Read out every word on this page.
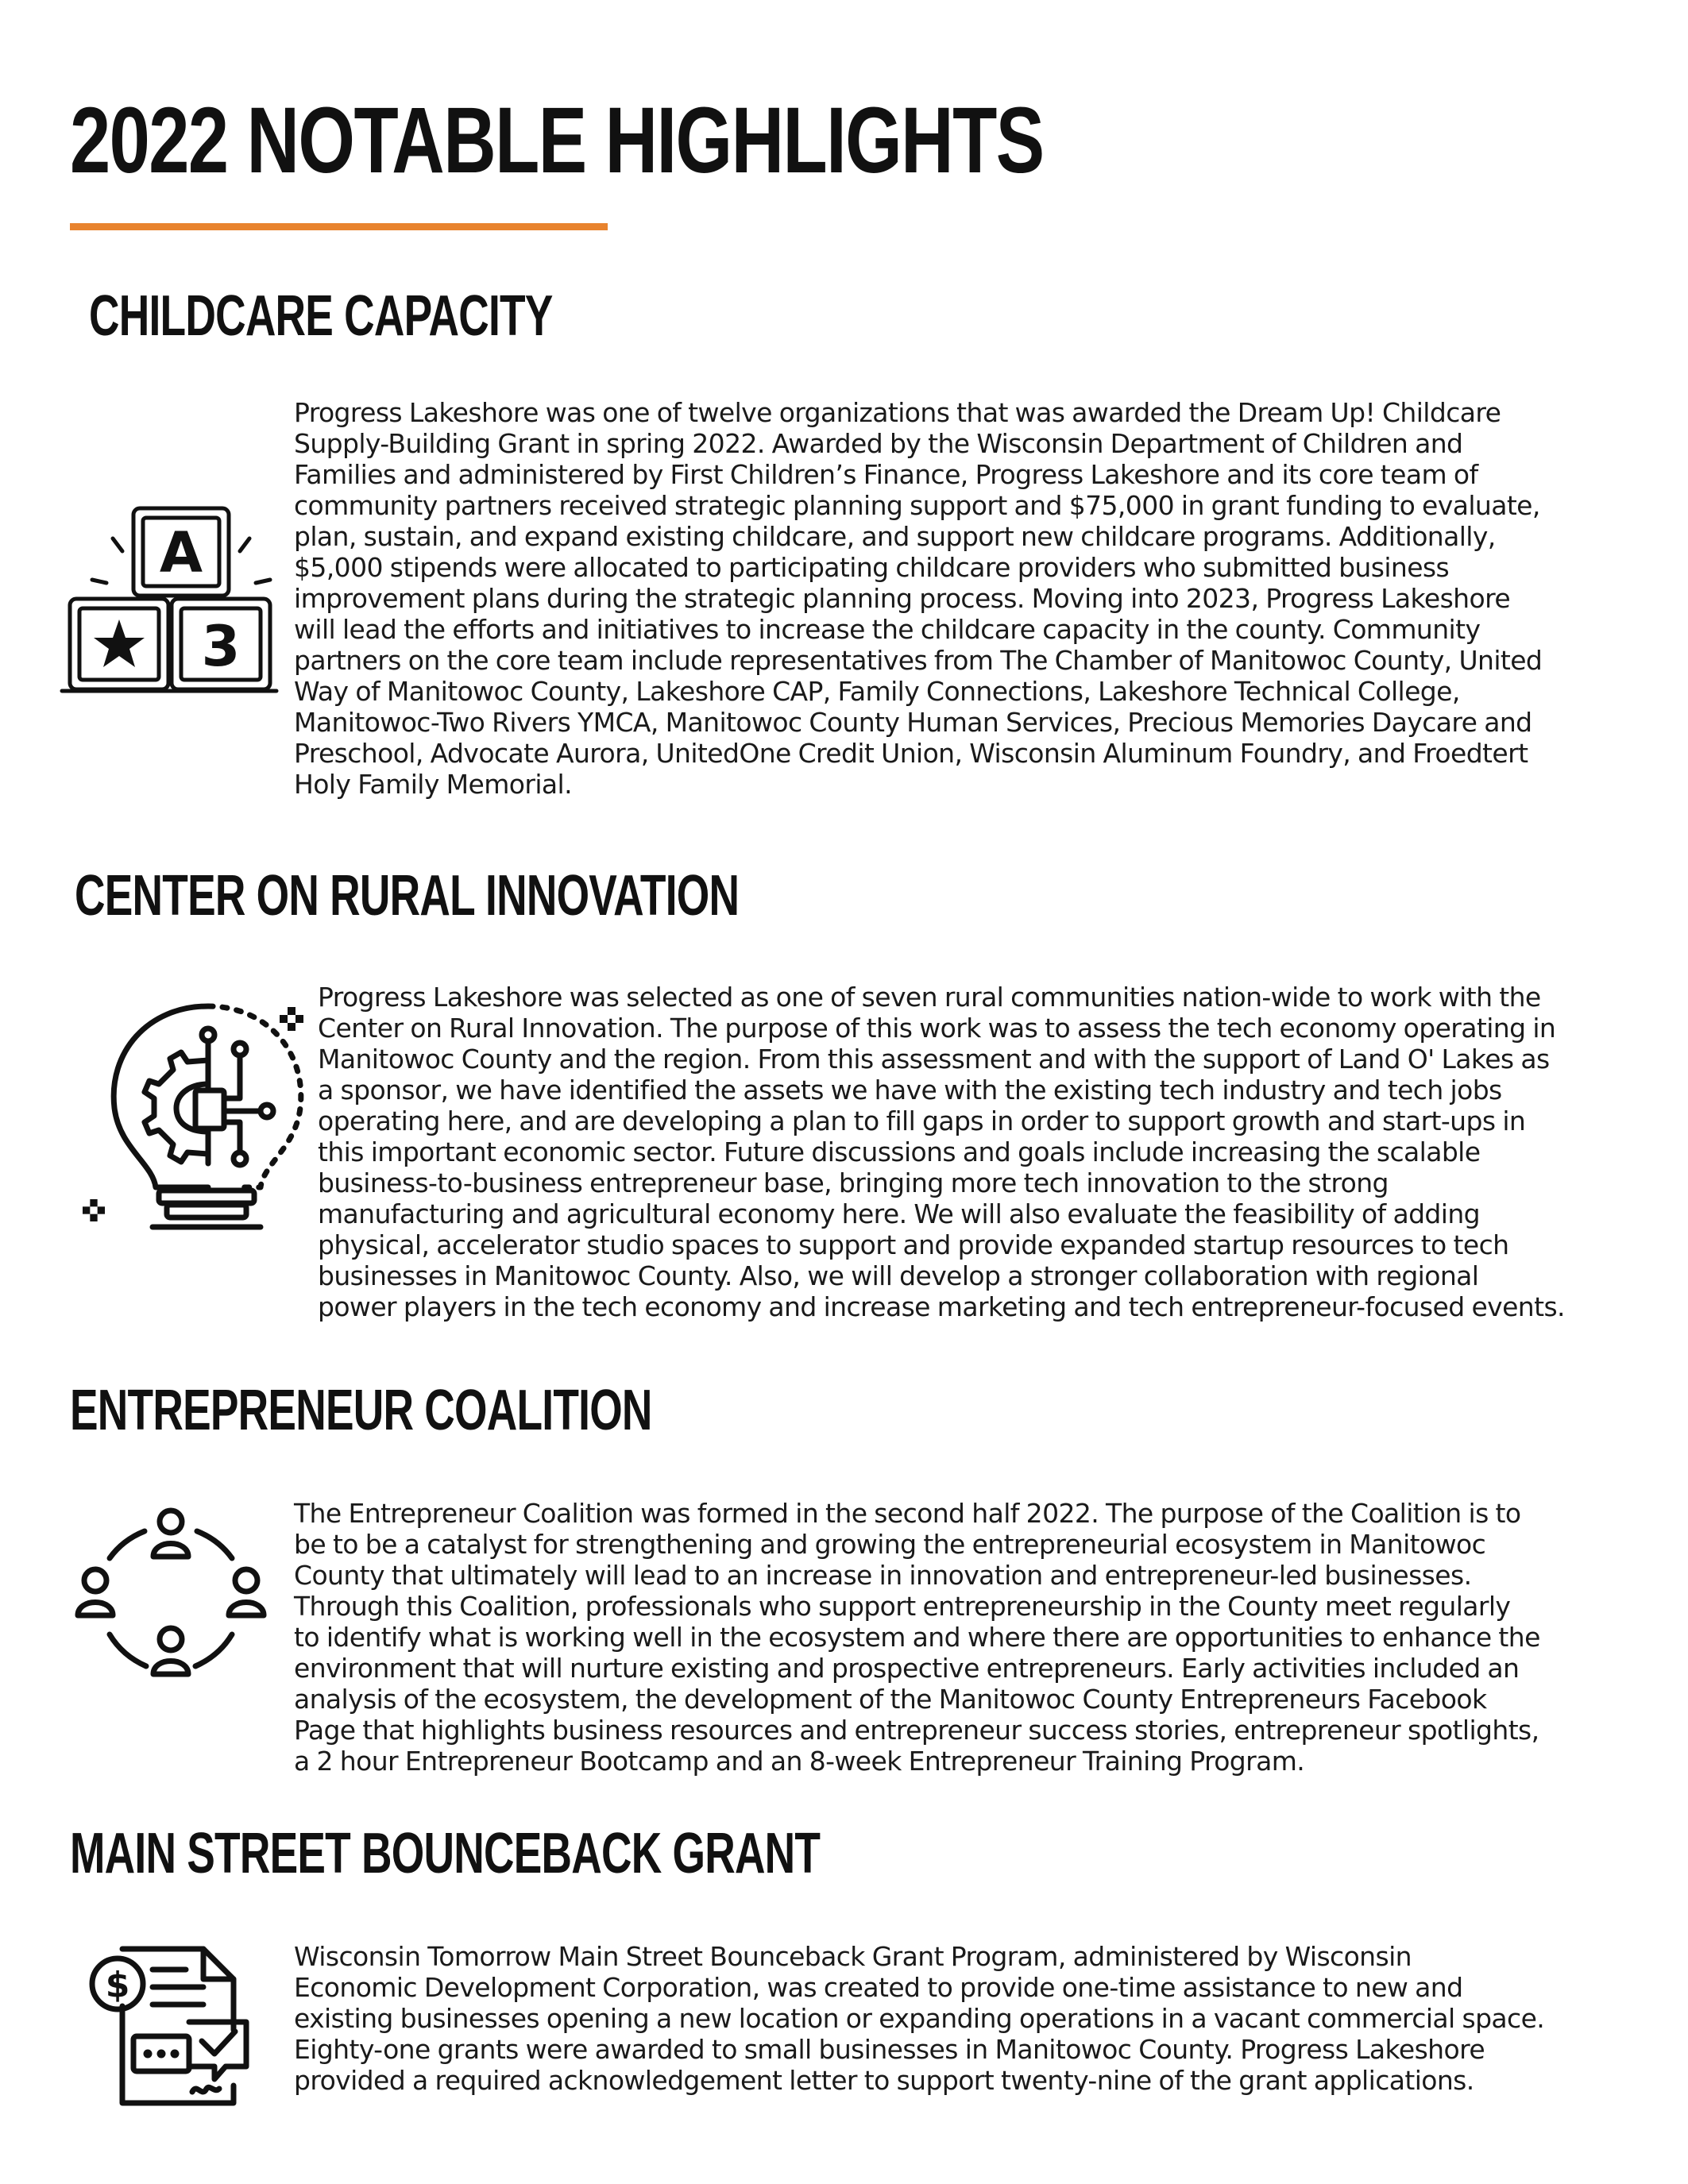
2022 NOTABLE HIGHLIGHTS
CHILDCARE CAPACITY
A
3

Progress Lakeshore was one of twelve organizations that was awarded the Dream Up! Childcare
Supply-Building Grant in spring 2022. Awarded by the Wisconsin Department of Children and
Families and administered by First Children’s Finance, Progress Lakeshore and its core team of
community partners received strategic planning support and $75,000 in grant funding to evaluate,
plan, sustain, and expand existing childcare, and support new childcare programs. Additionally,
$5,000 stipends were allocated to participating childcare providers who submitted business
improvement plans during the strategic planning process. Moving into 2023, Progress Lakeshore
will lead the efforts and initiatives to increase the childcare capacity in the county. Community
partners on the core team include representatives from The Chamber of Manitowoc County, United
Way of Manitowoc County, Lakeshore CAP, Family Connections, Lakeshore Technical College,
Manitowoc-Two Rivers YMCA, Manitowoc County Human Services, Precious Memories Daycare and
Preschool, Advocate Aurora, UnitedOne Credit Union, Wisconsin Aluminum Foundry, and Froedtert
Holy Family Memorial.

CENTER ON RURAL INNOVATION

Progress Lakeshore was selected as one of seven rural communities nation-wide to work with the
Center on Rural Innovation. The purpose of this work was to assess the tech economy operating in
Manitowoc County and the region. From this assessment and with the support of Land O' Lakes as
a sponsor, we have identified the assets we have with the existing tech industry and tech jobs
operating here, and are developing a plan to fill gaps in order to support growth and start-ups in
this important economic sector. Future discussions and goals include increasing the scalable
business-to-business entrepreneur base, bringing more tech innovation to the strong
manufacturing and agricultural economy here. We will also evaluate the feasibility of adding
physical, accelerator studio spaces to support and provide expanded startup resources to tech
businesses in Manitowoc County. Also, we will develop a stronger collaboration with regional
power players in the tech economy and increase marketing and tech entrepreneur-focused events.

ENTREPRENEUR COALITION

The Entrepreneur Coalition was formed in the second half 2022. The purpose of the Coalition is to
be to be a catalyst for strengthening and growing the entrepreneurial ecosystem in Manitowoc
County that ultimately will lead to an increase in innovation and entrepreneur-led businesses.
Through this Coalition, professionals who support entrepreneurship in the County meet regularly
to identify what is working well in the ecosystem and where there are opportunities to enhance the
environment that will nurture existing and prospective entrepreneurs. Early activities included an
analysis of the ecosystem, the development of the Manitowoc County Entrepreneurs Facebook
Page that highlights business resources and entrepreneur success stories, entrepreneur spotlights,
a 2 hour Entrepreneur Bootcamp and an 8-week Entrepreneur Training Program.

MAIN STREET BOUNCEBACK GRANT
$

Wisconsin Tomorrow Main Street Bounceback Grant Program, administered by Wisconsin
Economic Development Corporation, was created to provide one-time assistance to new and
existing businesses opening a new location or expanding operations in a vacant commercial space.
Eighty-one grants were awarded to small businesses in Manitowoc County. Progress Lakeshore
provided a required acknowledgement letter to support twenty-nine of the grant applications.
